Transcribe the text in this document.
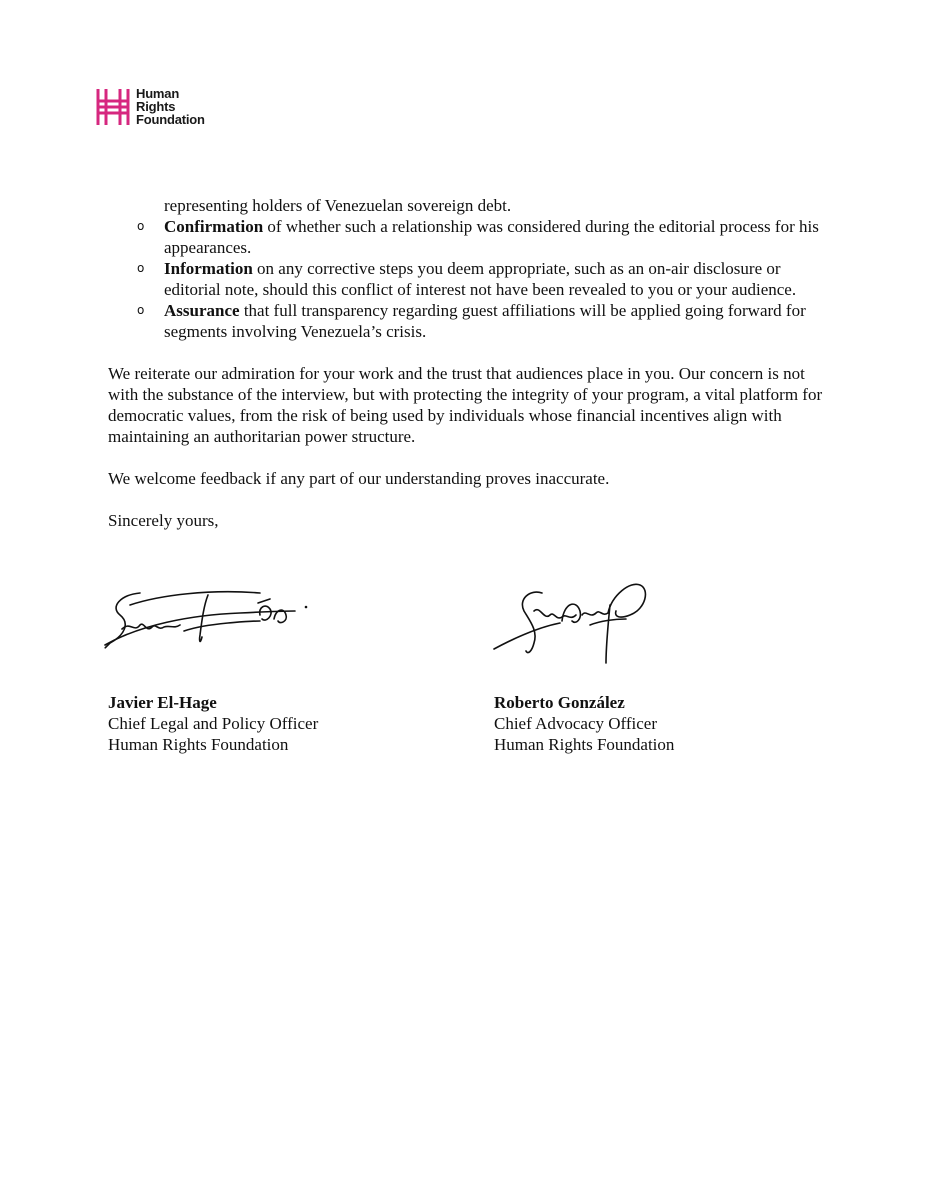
Human
Rights
Foundation
representing holders of Venezuelan sovereign debt.
o Confirmation of whether such a relationship was considered during the editorial process for his appearances.
o Information on any corrective steps you deem appropriate, such as an on-air disclosure or editorial note, should this conflict of interest not have been revealed to you or your audience.
o Assurance that full transparency regarding guest affiliations will be applied going forward for segments involving Venezuela’s crisis.

We reiterate our admiration for your work and the trust that audiences place in you. Our concern is not with the substance of the interview, but with protecting the integrity of your program, a vital platform for democratic values, from the risk of being used by individuals whose financial incentives align with maintaining an authoritarian power structure.

We welcome feedback if any part of our understanding proves inaccurate.

Sincerely yours,

Javier El-Hage
Chief Legal and Policy Officer
Human Rights Foundation
Roberto González
Chief Advocacy Officer
Human Rights Foundation
